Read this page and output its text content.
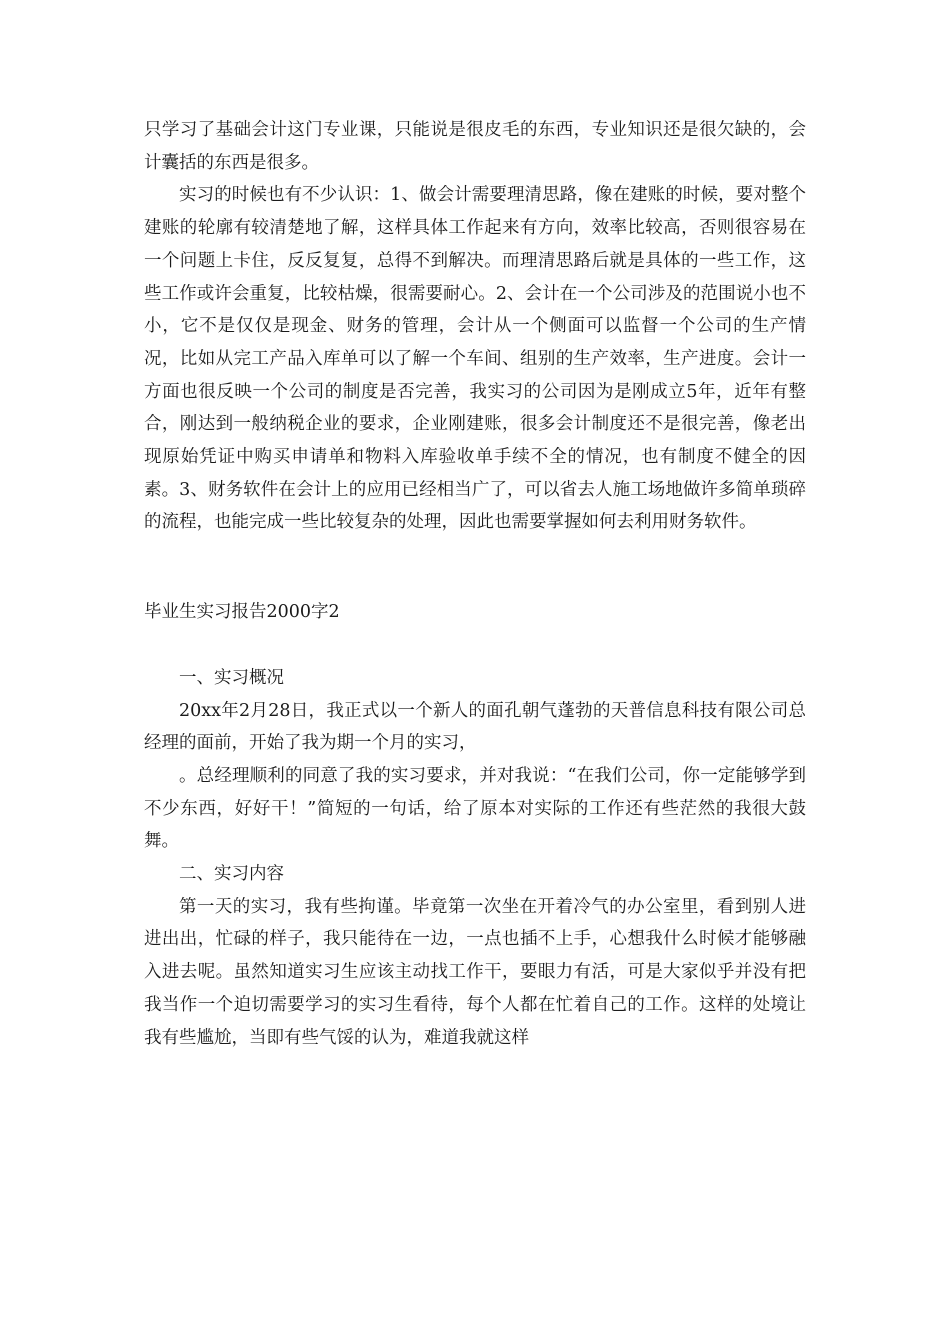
只学习了基础会计这门专业课，只能说是很皮毛的东西，专业知识还是很欠缺的，会计囊括的东西是很多。

实习的时候也有不少认识：1、做会计需要理清思路，像在建账的时候，要对整个建账的轮廓有较清楚地了解，这样具体工作起来有方向，效率比较高，否则很容易在一个问题上卡住，反反复复，总得不到解决。而理清思路后就是具体的一些工作，这些工作或许会重复，比较枯燥，很需要耐心。2、会计在一个公司涉及的范围说小也不小，它不是仅仅是现金、财务的管理，会计从一个侧面可以监督一个公司的生产情况，比如从完工产品入库单可以了解一个车间、组别的生产效率，生产进度。会计一方面也很反映一个公司的制度是否完善，我实习的公司因为是刚成立5年，近年有整合，刚达到一般纳税企业的要求，企业刚建账，很多会计制度还不是很完善，像老出现原始凭证中购买申请单和物料入库验收单手续不全的情况，也有制度不健全的因素。3、财务软件在会计上的应用已经相当广了，可以省去人施工场地做许多简单琐碎的流程，也能完成一些比较复杂的处理，因此也需要掌握如何去利用财务软件。

毕业生实习报告2000字2

一、实习概况

20xx年2月28日，我正式以一个新人的面孔朝气蓬勃的天普信息科技有限公司总经理的面前，开始了我为期一个月的实习，

。总经理顺利的同意了我的实习要求，并对我说：“在我们公司，你一定能够学到不少东西，好好干！”简短的一句话，给了原本对实际的工作还有些茫然的我很大鼓舞。

二、实习内容

第一天的实习，我有些拘谨。毕竟第一次坐在开着冷气的办公室里，看到别人进进出出，忙碌的样子，我只能待在一边，一点也插不上手，心想我什么时候才能够融入进去呢。虽然知道实习生应该主动找工作干，要眼力有活，可是大家似乎并没有把我当作一个迫切需要学习的实习生看待，每个人都在忙着自己的工作。这样的处境让我有些尴尬，当即有些气馁的认为，难道我就这样
